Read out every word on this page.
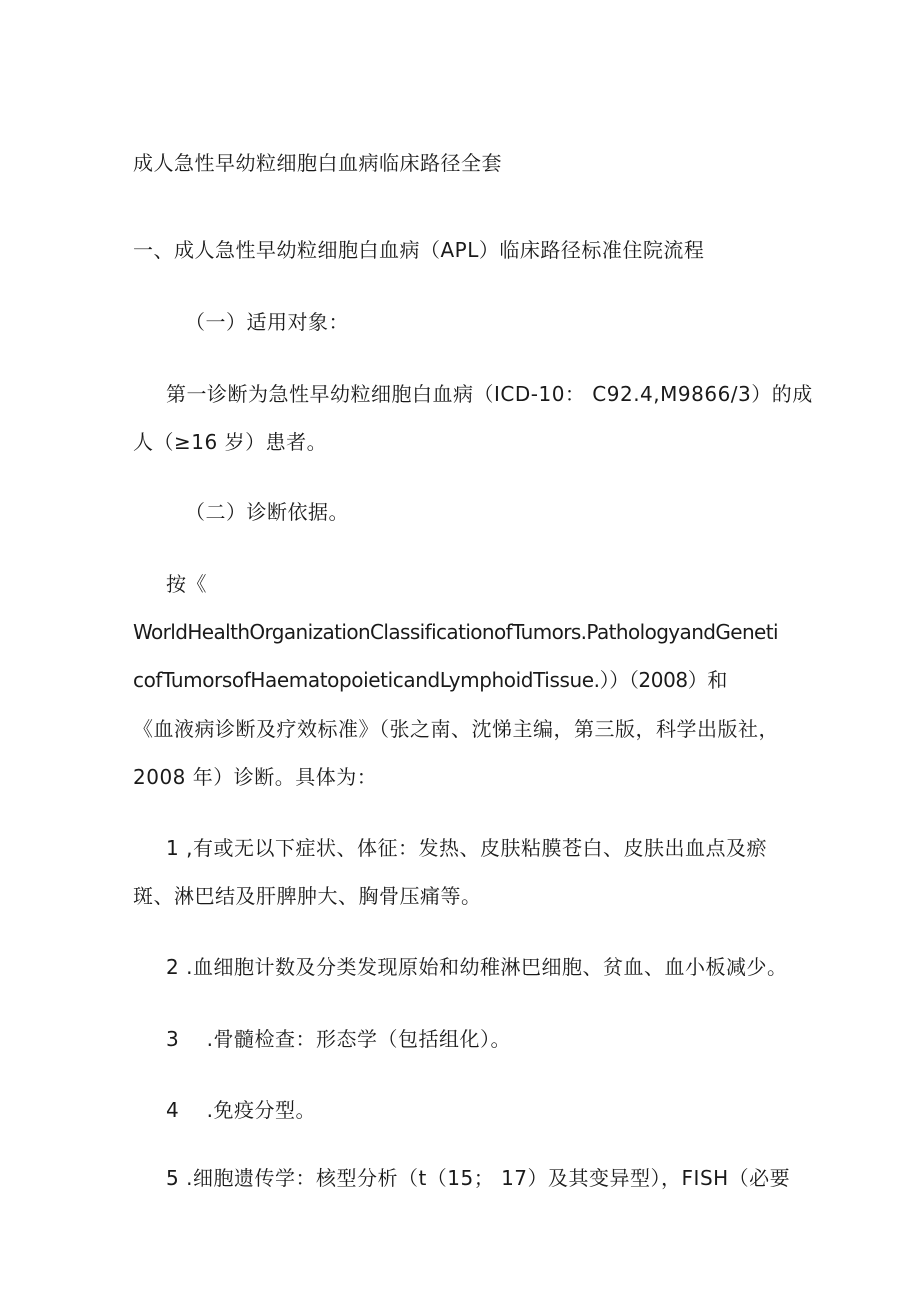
成人急性早幼粒细胞白血病临床路径全套
一、成人急性早幼粒细胞白血病（APL）临床路径标准住院流程
（一）适用对象：
第一诊断为急性早幼粒细胞白血病（ICD-10： C92.4,M9866/3）的成
人（≥16 岁）患者。
（二）诊断依据。
按《
WorldHealthOrganizationClassificationofTumors.PathologyandGeneti
cofTumorsofHaematopoieticandLymphoidTissue.））（2008）和
《血液病诊断及疗效标准》（张之南、沈悌主编，第三版，科学出版社，
2008 年）诊断。具体为：
1 ,有或无以下症状、体征：发热、皮肤粘膜苍白、皮肤出血点及瘀
斑、淋巴结及肝脾肿大、胸骨压痛等。
2 .血细胞计数及分类发现原始和幼稚淋巴细胞、贫血、血小板减少。
3　 .骨髓检查：形态学（包括组化）。
4　 .免疫分型。
5 .细胞遗传学：核型分析（t（15； 17）及其变异型），FISH（必要
